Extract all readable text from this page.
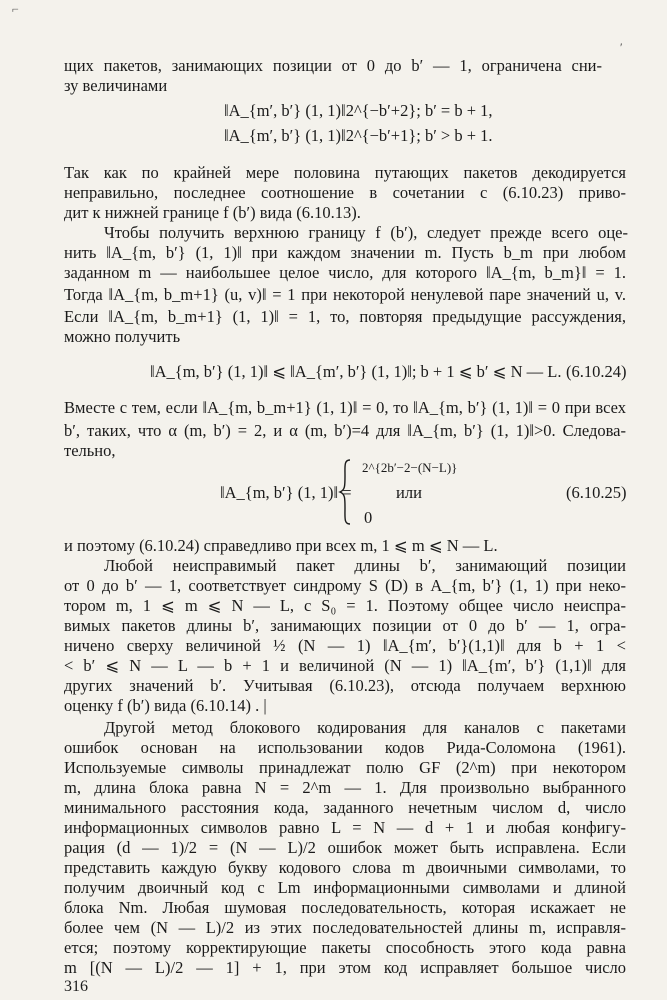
⌐
′
щих пакетов, занимающих позиции от 0 до b′ — 1, ограничена сни-
зу величинами
‖A_{m′, b′} (1, 1)‖2^{−b′+2}; b′ = b + 1,
‖A_{m′, b′} (1, 1)‖2^{−b′+1}; b′ > b + 1.
Так как по крайней мере половина путающих пакетов декодируется
неправильно, последнее соотношение в сочетании с (6.10.23) приво-
дит к нижней границе f (b′) вида (6.10.13).
Чтобы получить верхнюю границу f (b′), следует прежде всего оце-
нить ‖A_{m, b′} (1, 1)‖ при каждом значении m. Пусть b_m при любом
заданном m — наибольшее целое число, для которого ‖A_{m, b_m}‖ = 1.
Тогда ‖A_{m, b_m+1} (u, v)‖ = 1 при некоторой ненулевой паре значений u, v.
Если ‖A_{m, b_m+1} (1, 1)‖ = 1, то, повторяя предыдущие рассуждения,
можно получить
‖A_{m, b′} (1, 1)‖ ⩽ ‖A_{m′, b′} (1, 1)‖; b + 1 ⩽ b′ ⩽ N — L. (6.10.24)
Вместе с тем, если ‖A_{m, b_m+1} (1, 1)‖ = 0, то ‖A_{m, b′} (1, 1)‖ = 0 при всех
b′, таких, что α (m, b′) = 2, и α (m, b′)=4 для ‖A_{m, b′} (1, 1)‖>0. Следова-
тельно,
2^{2b′−2−(N−L)}
или
0
‖A_{m, b′} (1, 1)‖ =	(6.10.25)
и поэтому (6.10.24) справедливо при всех m, 1 ⩽ m ⩽ N — L.
Любой неисправимый пакет длины b′, занимающий позиции
от 0 до b′ — 1, соответствует синдрому S (D) в A_{m, b′} (1, 1) при неко-
тором m, 1 ⩽ m ⩽ N — L, с S₀ = 1. Поэтому общее число неиспра-
вимых пакетов длины b′, занимающих позиции от 0 до b′ — 1, огра-
ничено сверху величиной ½ (N — 1) ‖A_{m′, b′}(1,1)‖ для b + 1 <
< b′ ⩽ N — L — b + 1 и величиной (N — 1) ‖A_{m′, b′} (1,1)‖ для
других значений b′. Учитывая (6.10.23), отсюда получаем верхнюю
оценку f (b′) вида (6.10.14) . |
Другой метод блокового кодирования для каналов с пакетами
ошибок основан на использовании кодов Рида-Соломона (1961).
Используемые символы принадлежат полю GF (2^m) при некотором
m, длина блока равна N = 2^m — 1. Для произвольно выбранного
минимального расстояния кода, заданного нечетным числом d, число
информационных символов равно L = N — d + 1 и любая конфигу-
рация (d — 1)/2 = (N — L)/2 ошибок может быть исправлена. Если
представить каждую букву кодового слова m двоичными символами, то
получим двоичный код с Lm информационными символами и длиной
блока Nm. Любая шумовая последовательность, которая искажает не
более чем (N — L)/2 из этих последовательностей длины m, исправля-
ется; поэтому корректирующие пакеты способность этого кода равна
m [(N — L)/2 — 1] + 1, при этом код исправляет большое число
316
